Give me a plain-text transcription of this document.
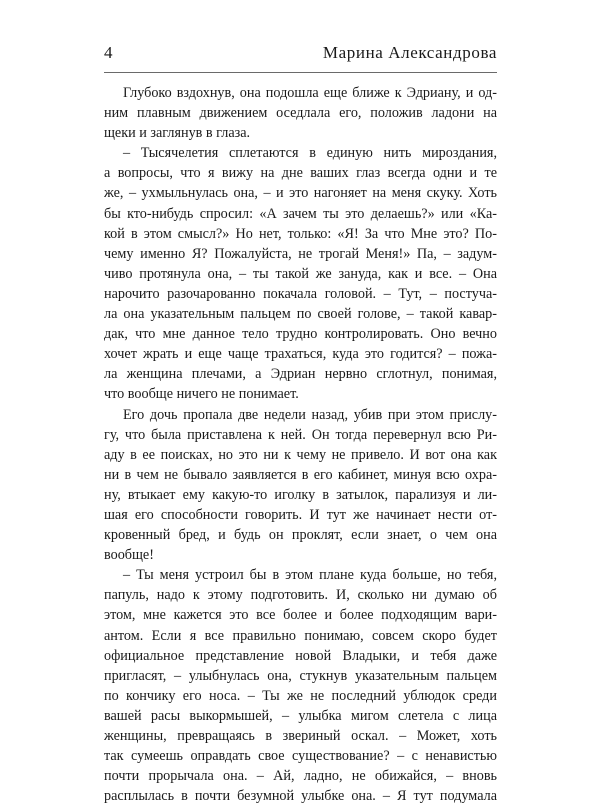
4	Марина Александрова
Глубоко вздохнув, она подошла еще ближе к Эдриану, и од-
ним плавным движением оседлала его, положив ладони на
щеки и заглянув в глаза.
– Тысячелетия сплетаются в единую нить мироздания,
а вопросы, что я вижу на дне ваших глаз всегда одни и те
же, – ухмыльнулась она, – и это нагоняет на меня скуку. Хоть
бы кто-нибудь спросил: «А зачем ты это делаешь?» или «Ка-
кой в этом смысл?» Но нет, только: «Я! За что Мне это? По-
чему именно Я? Пожалуйста, не трогай Меня!» Па, – задум-
чиво протянула она, – ты такой же зануда, как и все. – Она
нарочито разочарованно покачала головой. – Тут, – постуча-
ла она указательным пальцем по своей голове, – такой кавар-
дак, что мне данное тело трудно контролировать. Оно вечно
хочет жрать и еще чаще трахаться, куда это годится? – пожа-
ла женщина плечами, а Эдриан нервно сглотнул, понимая,
что вообще ничего не понимает.
Его дочь пропала две недели назад, убив при этом прислу-
гу, что была приставлена к ней. Он тогда перевернул всю Ри-
аду в ее поисках, но это ни к чему не привело. И вот она как
ни в чем не бывало заявляется в его кабинет, минуя всю охра-
ну, втыкает ему какую-то иголку в затылок, парализуя и ли-
шая его способности говорить. И тут же начинает нести от-
кровенный бред, и будь он проклят, если знает, о чем она
вообще!
– Ты меня устроил бы в этом плане куда больше, но тебя,
папуль, надо к этому подготовить. И, сколько ни думаю об
этом, мне кажется это все более и более подходящим вари-
антом. Если я все правильно понимаю, совсем скоро будет
официальное представление новой Владыки, и тебя даже
пригласят, – улыбнулась она, стукнув указательным пальцем
по кончику его носа. – Ты же не последний ублюдок среди
вашей расы выкормышей, – улыбка мигом слетела с лица
женщины, превращаясь в звериный оскал. – Может, хоть
так сумеешь оправдать свое существование? – с ненавистью
почти прорычала она. – Ай, ладно, не обижайся, – вновь
расплылась в почти безумной улыбке она. – Я тут подумала
